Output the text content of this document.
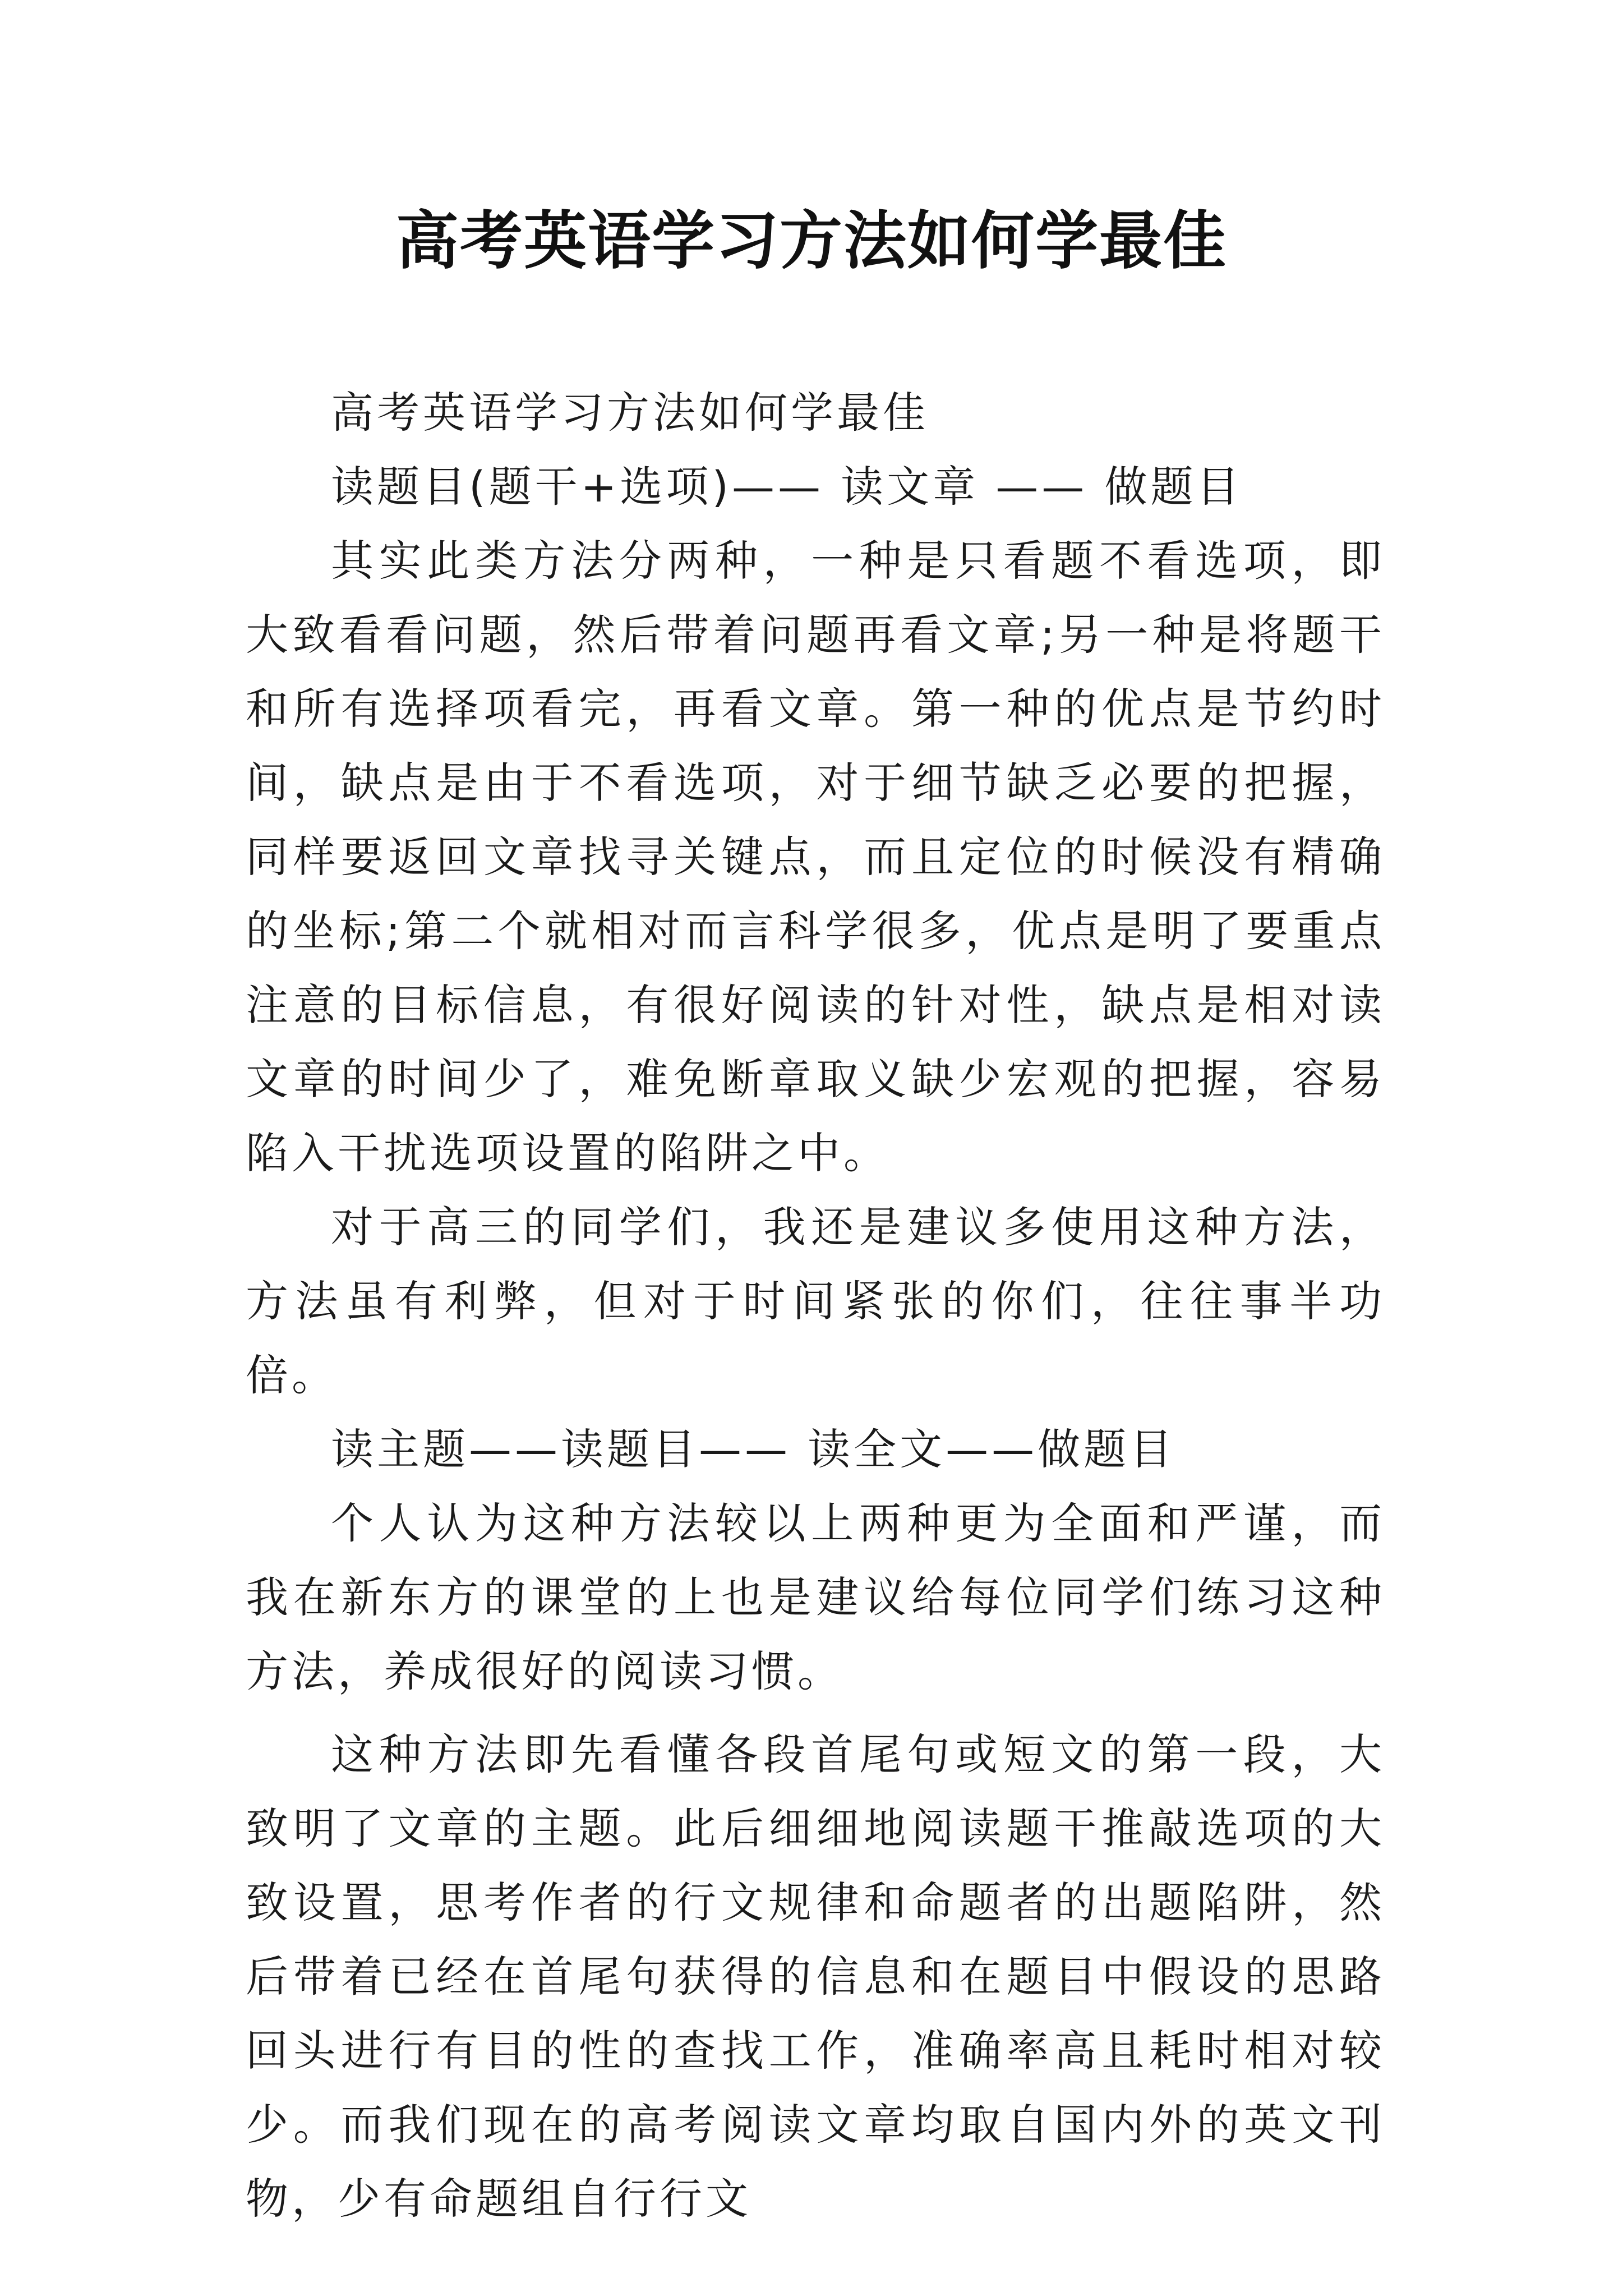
高考英语学习方法如何学最佳

高考英语学习方法如何学最佳

读题目(题干+选项)—— 读文章 —— 做题目

其实此类方法分两种，一种是只看题不看选项，即大致看看问题，然后带着问题再看文章;另一种是将题干和所有选择项看完，再看文章。第一种的优点是节约时间，缺点是由于不看选项，对于细节缺乏必要的把握，同样要返回文章找寻关键点，而且定位的时候没有精确的坐标;第二个就相对而言科学很多，优点是明了要重点注意的目标信息，有很好阅读的针对性，缺点是相对读文章的时间少了，难免断章取义缺少宏观的把握，容易陷入干扰选项设置的陷阱之中。

对于高三的同学们，我还是建议多使用这种方法，方法虽有利弊，但对于时间紧张的你们，往往事半功倍。

读主题——读题目—— 读全文——做题目

个人认为这种方法较以上两种更为全面和严谨，而我在新东方的课堂的上也是建议给每位同学们练习这种方法，养成很好的阅读习惯。

这种方法即先看懂各段首尾句或短文的第一段，大致明了文章的主题。此后细细地阅读题干推敲选项的大致设置，思考作者的行文规律和命题者的出题陷阱，然后带着已经在首尾句获得的信息和在题目中假设的思路回头进行有目的性的查找工作，准确率高且耗时相对较少。而我们现在的高考阅读文章均取自国内外的英文刊物，少有命题组自行行文
